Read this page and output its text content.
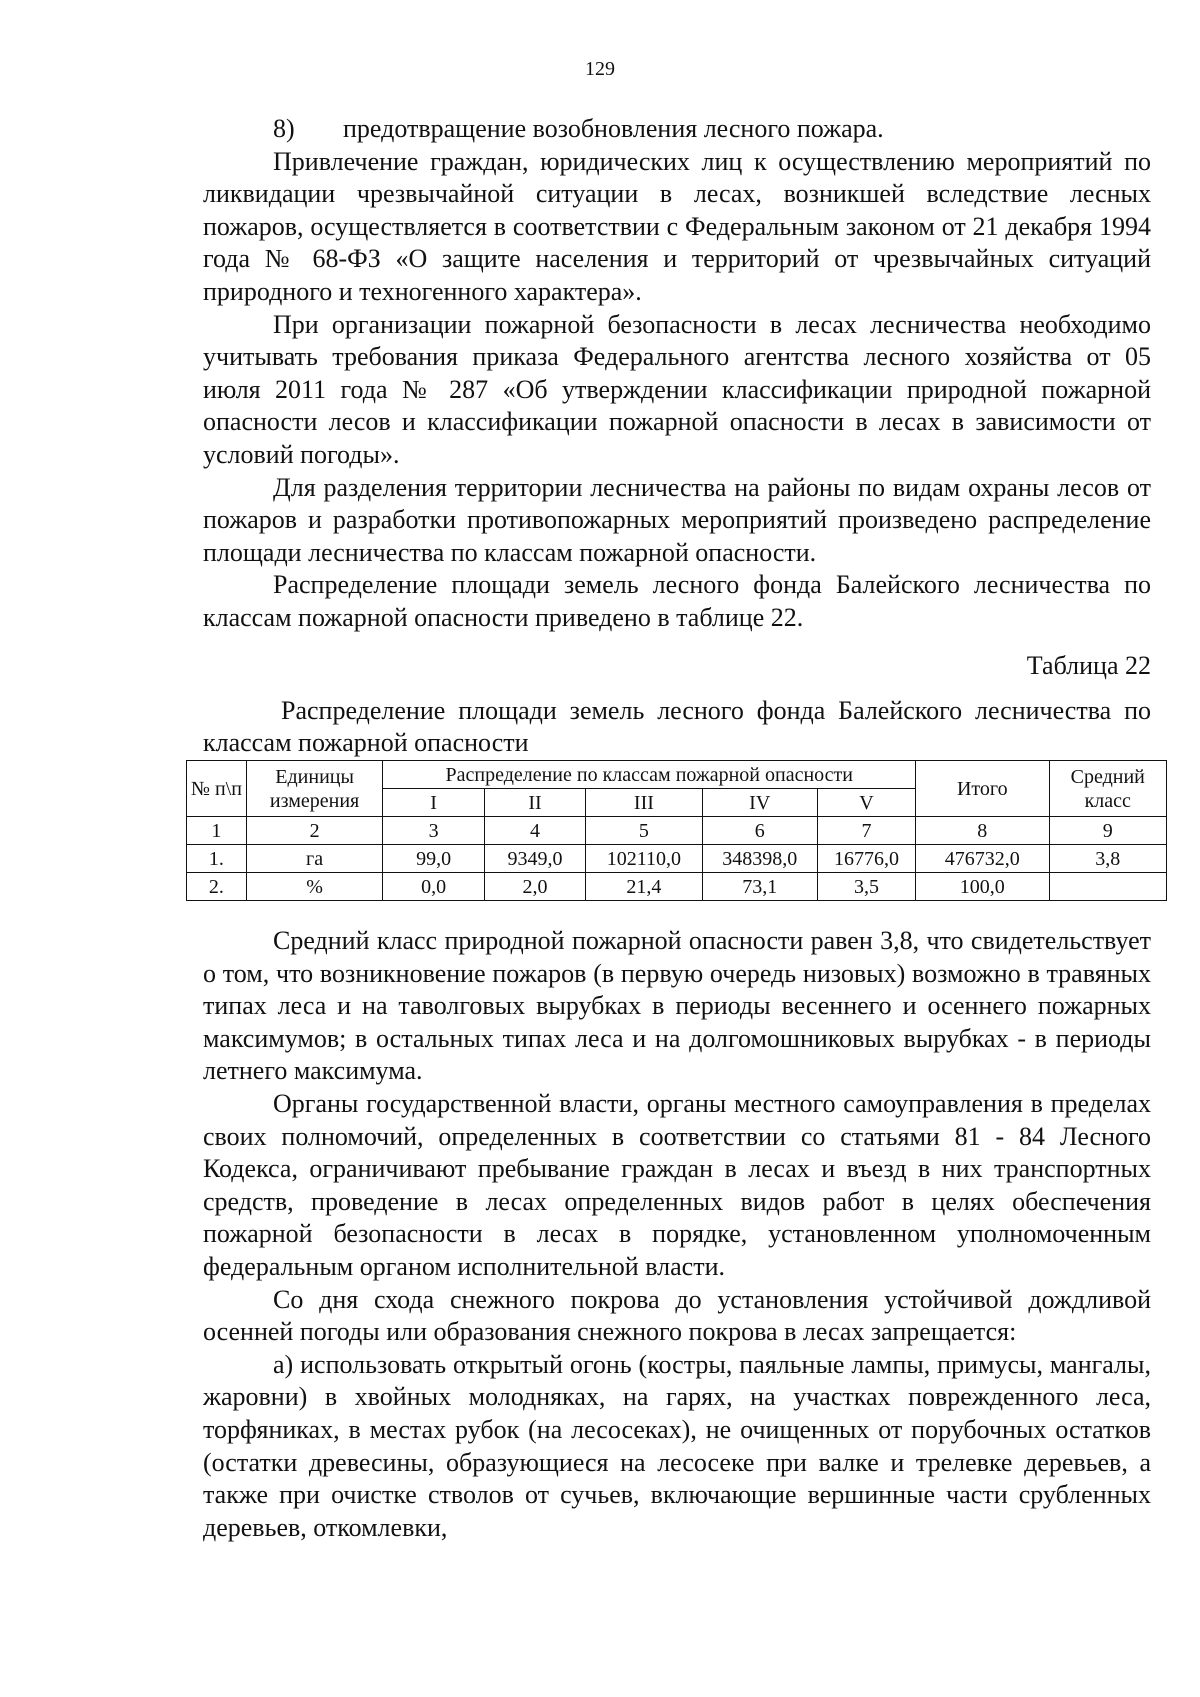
129

8) предотвращение возобновления лесного пожара.

Привлечение граждан, юридических лиц к осуществлению мероприятий по ликвидации чрезвычайной ситуации в лесах, возникшей вследствие лесных пожаров, осуществляется в соответствии с Федеральным законом от 21 декабря 1994 года № 68-ФЗ «О защите населения и территорий от чрезвычайных ситуаций природного и техногенного характера».

При организации пожарной безопасности в лесах лесничества необходимо учитывать требования приказа Федерального агентства лесного хозяйства от 05 июля 2011 года № 287 «Об утверждении классификации природной пожарной опасности лесов и классификации пожарной опасности в лесах в зависимости от условий погоды».

Для разделения территории лесничества на районы по видам охраны лесов от пожаров и разработки противопожарных мероприятий произведено распределение площади лесничества по классам пожарной опасности.

Распределение площади земель лесного фонда Балейского лесничества по классам пожарной опасности приведено в таблице 22.

Таблица 22

Распределение площади земель лесного фонда Балейского лесничества по классам пожарной опасности

№ п\п	Единицы измерения	Распределение по классам пожарной опасности					Итого	Средний класс
		I	II	III	IV	V		
1	2	3	4	5	6	7	8	9
1.	га	99,0	9349,0	102110,0	348398,0	16776,0	476732,0	3,8
2.	%	0,0	2,0	21,4	73,1	3,5	100,0	

Средний класс природной пожарной опасности равен 3,8, что свидетельствует о том, что возникновение пожаров (в первую очередь низовых) возможно в травяных типах леса и на таволговых вырубках в периоды весеннего и осеннего пожарных максимумов; в остальных типах леса и на долгомошниковых вырубках - в периоды летнего максимума.

Органы государственной власти, органы местного самоуправления в пределах своих полномочий, определенных в соответствии со статьями 81 - 84 Лесного Кодекса, ограничивают пребывание граждан в лесах и въезд в них транспортных средств, проведение в лесах определенных видов работ в целях обеспечения пожарной безопасности в лесах в порядке, установленном уполномоченным федеральным органом исполнительной власти.

Со дня схода снежного покрова до установления устойчивой дождливой осенней погоды или образования снежного покрова в лесах запрещается:

а) использовать открытый огонь (костры, паяльные лампы, примусы, мангалы, жаровни) в хвойных молодняках, на гарях, на участках поврежденного леса, торфяниках, в местах рубок (на лесосеках), не очищенных от порубочных остатков (остатки древесины, образующиеся на лесосеке при валке и трелевке деревьев, а также при очистке стволов от сучьев, включающие вершинные части срубленных деревьев, откомлевки,
